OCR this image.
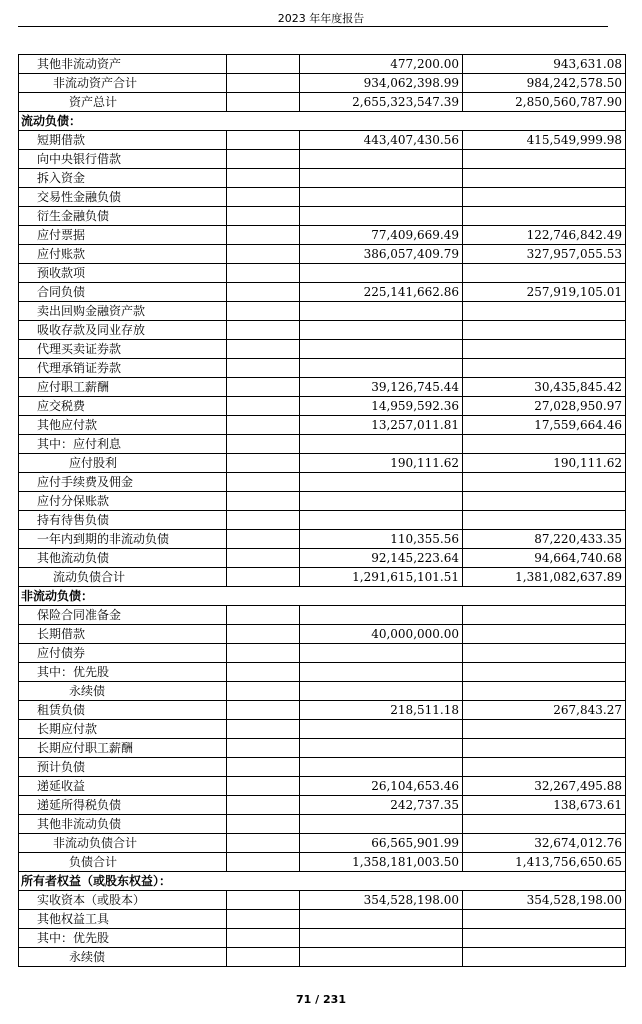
2023 年年度报告
其他非流动资产		477,200.00	943,631.08
非流动资产合计		934,062,398.99	984,242,578.50
资产总计		2,655,323,547.39	2,850,560,787.90
流动负债：			
短期借款		443,407,430.56	415,549,999.98
向中央银行借款			
拆入资金			
交易性金融负债			
衍生金融负债			
应付票据		77,409,669.49	122,746,842.49
应付账款		386,057,409.79	327,957,055.53
预收款项			
合同负债		225,141,662.86	257,919,105.01
卖出回购金融资产款			
吸收存款及同业存放			
代理买卖证券款			
代理承销证券款			
应付职工薪酬		39,126,745.44	30,435,845.42
应交税费		14,959,592.36	27,028,950.97
其他应付款		13,257,011.81	17,559,664.46
其中：应付利息			
应付股利		190,111.62	190,111.62
应付手续费及佣金			
应付分保账款			
持有待售负债			
一年内到期的非流动负债		110,355.56	87,220,433.35
其他流动负债		92,145,223.64	94,664,740.68
流动负债合计		1,291,615,101.51	1,381,082,637.89
非流动负债：			
保险合同准备金			
长期借款		40,000,000.00	
应付债券			
其中：优先股			
永续债			
租赁负债		218,511.18	267,843.27
长期应付款			
长期应付职工薪酬			
预计负债			
递延收益		26,104,653.46	32,267,495.88
递延所得税负债		242,737.35	138,673.61
其他非流动负债			
非流动负债合计		66,565,901.99	32,674,012.76
负债合计		1,358,181,003.50	1,413,756,650.65
所有者权益（或股东权益）：			
实收资本（或股本）		354,528,198.00	354,528,198.00
其他权益工具			
其中：优先股			
永续债			
71 / 231
